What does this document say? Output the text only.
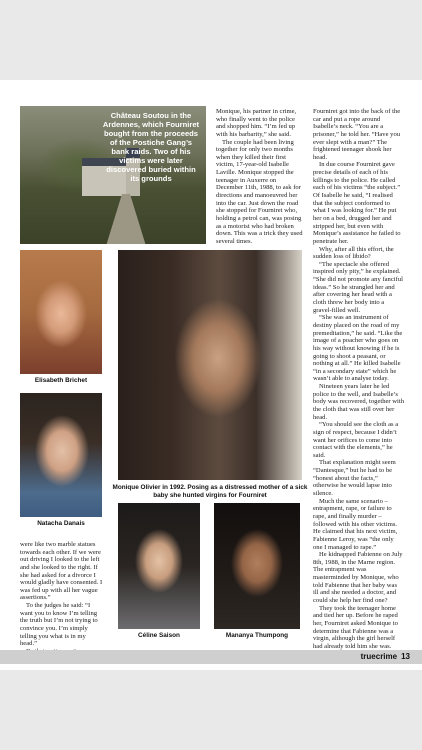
Château Soutou in the Ardennes, which Fourniret bought from the proceeds of the Postiche Gang’s bank raids. Two of his victims were later discovered buried within its grounds
Elisabeth Brichet
Natacha Danais
Monique Olivier in 1992. Posing as a distressed mother of a sick baby she hunted virgins for Fourniret
Céline Saison	Mananya Thumpong

were like two marble statues towards each other. If we were out driving I looked to the left and she looked to the right. If she had asked for a divorce I would gladly have consented. I was fed up with all her vague assertions.”

To the judges he said: “I want you to know I’m telling the truth but I’m not trying to convince you. I’m simply telling you what is in my head.”

Monique, his partner in crime, who finally went to the police and shopped him. “I’m fed up with his barbarity,” she said.

The couple had been living together for only two months when they killed their first victim, 17-year-old Isabelle Laville. Monique stopped the teenager in Auxerre on December 11th, 1988, to ask for directions and manoeuvred her into the car. Just down the road she stopped for Fourniret who, holding a petrol can, was posing as a motorist who had broken down. This was a trick they used several times.

Fourniret got into the back of the car and put a rope around Isabelle’s neck. “You are a prisoner,” he told her. “Have you ever slept with a man?” The frightened teenager shook her head.

In due course Fourniret gave precise details of each of his killings to the police. He called each of his victims “the subject.” Of Isabelle he said, “I realised that the subject conformed to what I was looking for.” He put her on a bed, drugged her and stripped her, but even with Monique’s assistance he failed to penetrate her.

Why, after all this effort, the sudden loss of libido?

“The spectacle she offered inspired only pity,” he explained. “She did not promote any fanciful ideas.” So he strangled her and after covering her head with a cloth threw her body into a gravel-filled well.

“She was an instrument of destiny placed on the road of my premeditation,” he said. “Like the image of a poacher who goes on his way without knowing if he is going to shoot a peasant, or nothing at all.” He killed Isabelle “in a secondary state” which he wasn’t able to analyse today.

Nineteen years later he led police to the well, and Isabelle’s body was recovered, together with the cloth that was still over her head.

“You should see the cloth as a sign of respect, because I didn’t want her orifices to come into contact with the elements,” he said.

That explanation might seem “Dantesque,” but he had to be “honest about the facts,” otherwise he would lapse into silence.

Much the same scenario – entrapment, rape, or failure to rape, and finally murder – followed with his other victims. He claimed that his next victim, Fabienne Leroy, was “the only one I managed to rape.”

He kidnapped Fabienne on July 8th, 1988, in the Marne region. The entrapment was masterminded by Monique, who told Fabienne that her baby was ill and she needed a doctor, and could she help her find one?

They took the teenager home and tied her up. Before he raped her, Fourniret asked Monique to determine that Fabienne was a virgin, although the girl herself had already told him she was.

truecrime 13
